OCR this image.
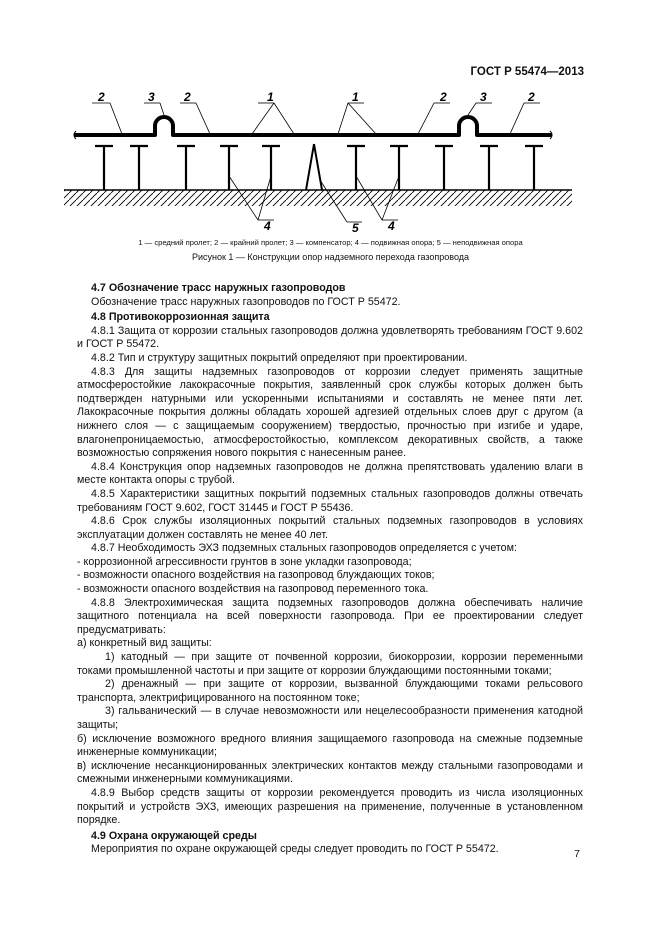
ГОСТ Р 55474—2013
2	3 2	1	1	2	3	2
4	5 4
1 — средний пролет; 2 — крайний пролет; 3 — компенсатор; 4 — подвижная опора; 5 — неподвижная опора
Рисунок 1 — Конструкции опор надземного перехода газопровода

4.7 Обозначение трасс наружных газопроводов

Обозначение трасс наружных газопроводов по ГОСТ Р 55472.

4.8 Противокоррозионная защита

4.8.1 Защита от коррозии стальных газопроводов должна удовлетворять требованиям ГОСТ 9.602 и ГОСТ Р 55472.

4.8.2 Тип и структуру защитных покрытий определяют при проектировании.

4.8.3 Для защиты надземных газопроводов от коррозии следует применять защитные атмосферостойкие лакокрасочные покрытия, заявленный срок службы которых должен быть подтвержден натурными или ускоренными испытаниями и составлять не менее пяти лет. Лакокрасочные покрытия должны обладать хорошей адгезией отдельных слоев друг с другом (а нижнего слоя — с защищаемым сооружением) твердостью, прочностью при изгибе и ударе, влагонепроницаемостью, атмосферостойкостью, комплексом декоративных свойств, а также возможностью сопряжения нового покрытия с нанесенным ранее.

4.8.4 Конструкция опор надземных газопроводов не должна препятствовать удалению влаги в месте контакта опоры с трубой.

4.8.5 Характеристики защитных покрытий подземных стальных газопроводов должны отвечать требованиям ГОСТ 9.602, ГОСТ 31445 и ГОСТ Р 55436.

4.8.6 Срок службы изоляционных покрытий стальных подземных газопроводов в условиях эксплуатации должен составлять не менее 40 лет.

4.8.7 Необходимость ЭХЗ подземных стальных газопроводов определяется с учетом:

- коррозионной агрессивности грунтов в зоне укладки газопровода;

- возможности опасного воздействия на газопровод блуждающих токов;

- возможности опасного воздействия на газопровод переменного тока.

4.8.8 Электрохимическая защита подземных газопроводов должна обеспечивать наличие защитного потенциала на всей поверхности газопровода. При ее проектировании следует предусматривать:

а) конкретный вид защиты:

1) катодный — при защите от почвенной коррозии, биокоррозии, коррозии переменными токами промышленной частоты и при защите от коррозии блуждающими постоянными токами;

2) дренажный — при защите от коррозии, вызванной блуждающими токами рельсового транспорта, электрифицированного на постоянном токе;

3) гальванический — в случае невозможности или нецелесообразности применения катодной защиты;

б) исключение возможного вредного влияния защищаемого газопровода на смежные подземные инженерные коммуникации;

в) исключение несанкционированных электрических контактов между стальными газопроводами и смежными инженерными коммуникациями.

4.8.9 Выбор средств защиты от коррозии рекомендуется проводить из числа изоляционных покрытий и устройств ЭХЗ, имеющих разрешения на применение, полученные в установленном порядке.

4.9 Охрана окружающей среды

Мероприятия по охране окружающей среды следует проводить по ГОСТ Р 55472.	7
